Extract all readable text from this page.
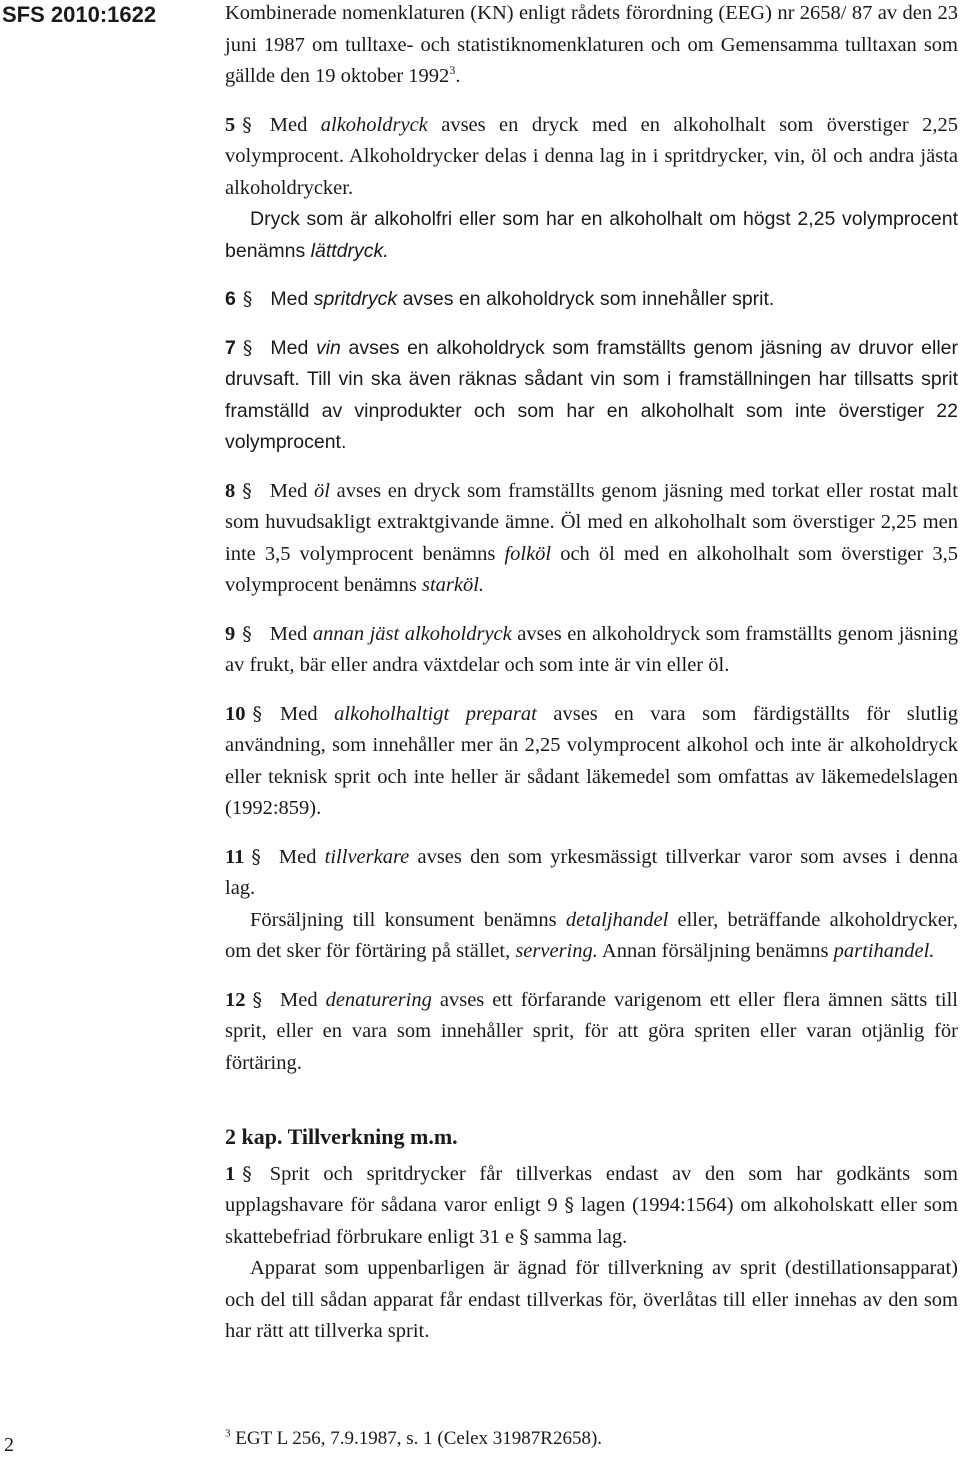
SFS 2010:1622
2

Kombinerade nomenklaturen (KN) enligt rådets förordning (EEG) nr 2658/ 87 av den 23 juni 1987 om tulltaxe- och statistiknomenklaturen och om Gemensamma tulltaxan som gällde den 19 oktober 1992$^3$.

5 § Med alkoholdryck avses en dryck med en alkoholhalt som överstiger 2,25 volymprocent. Alkoholdrycker delas i denna lag in i spritdrycker, vin, öl och andra jästa alkoholdrycker.

Dryck som är alkoholfri eller som har en alkoholhalt om högst 2,25 volymprocent benämns lättdryck.

6 § Med spritdryck avses en alkoholdryck som innehåller sprit.

7 § Med vin avses en alkoholdryck som framställts genom jäsning av druvor eller druvsaft. Till vin ska även räknas sådant vin som i framställningen har tillsatts sprit framställd av vinprodukter och som har en alkoholhalt som inte överstiger 22 volymprocent.

8 § Med öl avses en dryck som framställts genom jäsning med torkat eller rostat malt som huvudsakligt extraktgivande ämne. Öl med en alkoholhalt som överstiger 2,25 men inte 3,5 volymprocent benämns folköl och öl med en alkoholhalt som överstiger 3,5 volymprocent benämns starköl.

9 § Med annan jäst alkoholdryck avses en alkoholdryck som framställts genom jäsning av frukt, bär eller andra växtdelar och som inte är vin eller öl.

10 § Med alkoholhaltigt preparat avses en vara som färdigställts för slutlig användning, som innehåller mer än 2,25 volymprocent alkohol och inte är alkoholdryck eller teknisk sprit och inte heller är sådant läkemedel som omfattas av läkemedelslagen (1992:859).

11 § Med tillverkare avses den som yrkesmässigt tillverkar varor som avses i denna lag.

Försäljning till konsument benämns detaljhandel eller, beträffande alkoholdrycker, om det sker för förtäring på stället, servering. Annan försäljning benämns partihandel.

12 § Med denaturering avses ett förfarande varigenom ett eller flera ämnen sätts till sprit, eller en vara som innehåller sprit, för att göra spriten eller varan otjänlig för förtäring.

2 kap. Tillverkning m.m.

1 § Sprit och spritdrycker får tillverkas endast av den som har godkänts som upplagshavare för sådana varor enligt 9 § lagen (1994:1564) om alkoholskatt eller som skattebefriad förbrukare enligt 31 e § samma lag.

Apparat som uppenbarligen är ägnad för tillverkning av sprit (destillationsapparat) och del till sådan apparat får endast tillverkas för, överlåtas till eller innehas av den som har rätt att tillverka sprit.

$^3$ EGT L 256, 7.9.1987, s. 1 (Celex 31987R2658).
